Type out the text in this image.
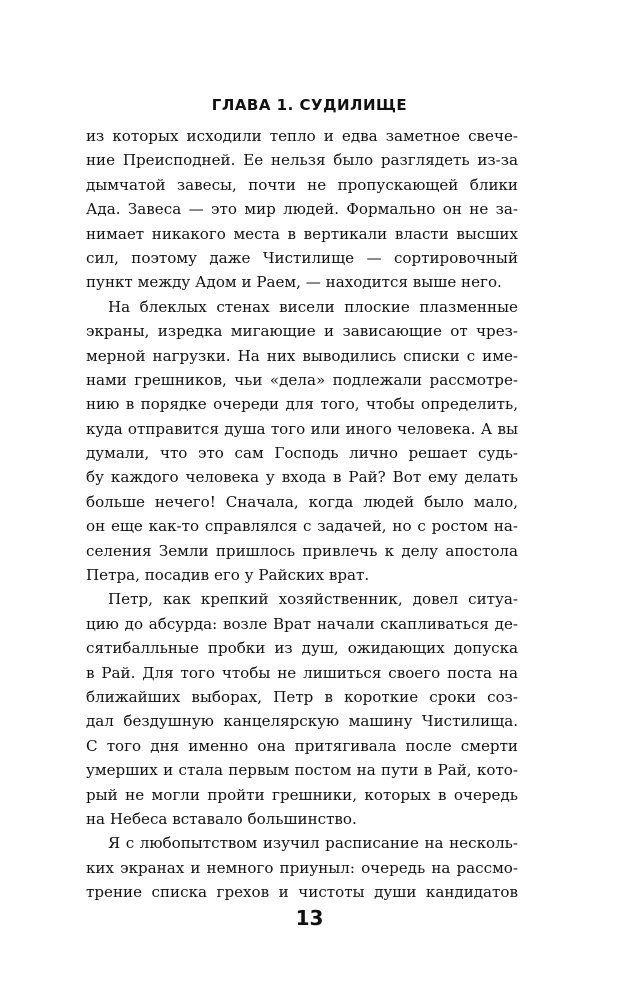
ГЛАВА 1. СУДИЛИЩЕ

из которых исходили тепло и едва заметное свече-
ние Преисподней. Ее нельзя было разглядеть из-за
дымчатой завесы, почти не пропускающей блики
Ада. Завеса — это мир людей. Формально он не за-
нимает никакого места в вертикали власти высших
сил, поэтому даже Чистилище — сортировочный
пункт между Адом и Раем, — находится выше него.

На блеклых стенах висели плоские плазменные
экраны, изредка мигающие и зависающие от чрез-
мерной нагрузки. На них выводились списки с име-
нами грешников, чьи «дела» подлежали рассмотре-
нию в порядке очереди для того, чтобы определить,
куда отправится душа того или иного человека. А вы
думали, что это сам Господь лично решает судь-
бу каждого человека у входа в Рай? Вот ему делать
больше нечего! Сначала, когда людей было мало,
он еще как-то справлялся с задачей, но с ростом на-
селения Земли пришлось привлечь к делу апостола
Петра, посадив его у Райских врат.

Петр, как крепкий хозяйственник, довел ситуа-
цию до абсурда: возле Врат начали скапливаться де-
сятибалльные пробки из душ, ожидающих допуска
в Рай. Для того чтобы не лишиться своего поста на
ближайших выборах, Петр в короткие сроки соз-
дал бездушную канцелярскую машину Чистилища.
С того дня именно она притягивала после смерти
умерших и стала первым постом на пути в Рай, кото-
рый не могли пройти грешники, которых в очередь
на Небеса вставало большинство.

Я с любопытством изучил расписание на несколь-
ких экранах и немного приуныл: очередь на рассмо-
трение списка грехов и чистоты души кандидатов

13
